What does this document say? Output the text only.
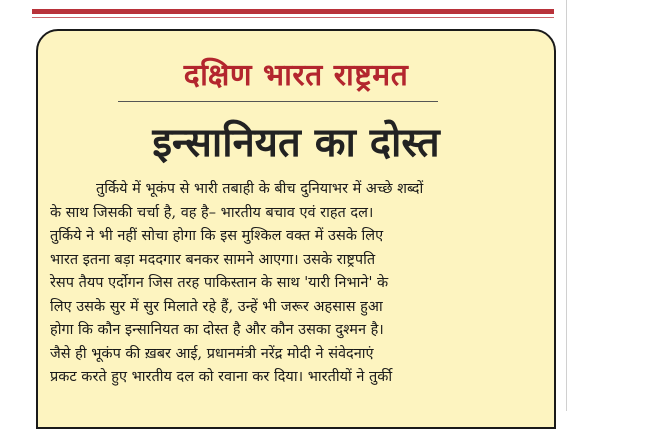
दक्षिण भारत राष्ट्रमत
इन्सानियत का दोस्त
तुर्किये में भूकंप से भारी तबाही के बीच दुनियाभर में अच्छे शब्दों
के साथ जिसकी चर्चा है, वह है– भारतीय बचाव एवं राहत दल।
तुर्किये ने भी नहीं सोचा होगा कि इस मुश्किल वक्त में उसके लिए
भारत इतना बड़ा मददगार बनकर सामने आएगा। उसके राष्ट्रपति
रेसप तैयप एर्दोगन जिस तरह पाकिस्तान के साथ 'यारी निभाने' के
लिए उसके सुर में सुर मिलाते रहे हैं, उन्हें भी जरूर अहसास हुआ
होगा कि कौन इन्सानियत का दोस्त है और कौन उसका दुश्मन है।
जैसे ही भूकंप की ख़बर आई, प्रधानमंत्री नरेंद्र मोदी ने संवेदनाएं
प्रकट करते हुए भारतीय दल को रवाना कर दिया। भारतीयों ने तुर्की
